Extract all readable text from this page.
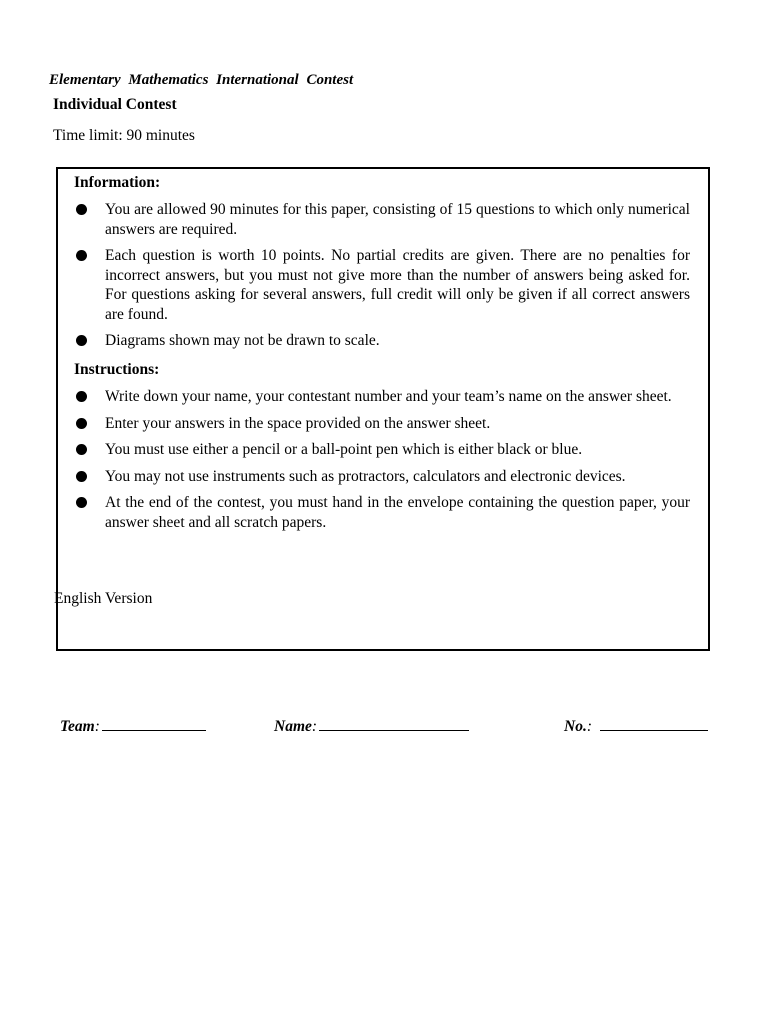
Elementary Mathematics International Contest

Individual Contest

Time limit: 90 minutes

Information:

You are allowed 90 minutes for this paper, consisting of 15 questions to which only numerical answers are required.
Each question is worth 10 points. No partial credits are given. There are no penalties for incorrect answers, but you must not give more than the number of answers being asked for. For questions asking for several answers, full credit will only be given if all correct answers are found.
Diagrams shown may not be drawn to scale.

Instructions:

Write down your name, your contestant number and your team’s name on the answer sheet.
Enter your answers in the space provided on the answer sheet.
You must use either a pencil or a ball-point pen which is either black or blue.
You may not use instruments such as protractors, calculators and electronic devices.
At the end of the contest, you must hand in the envelope containing the question paper, your answer sheet and all scratch papers.

English Version

Team :	Name :	No. :
